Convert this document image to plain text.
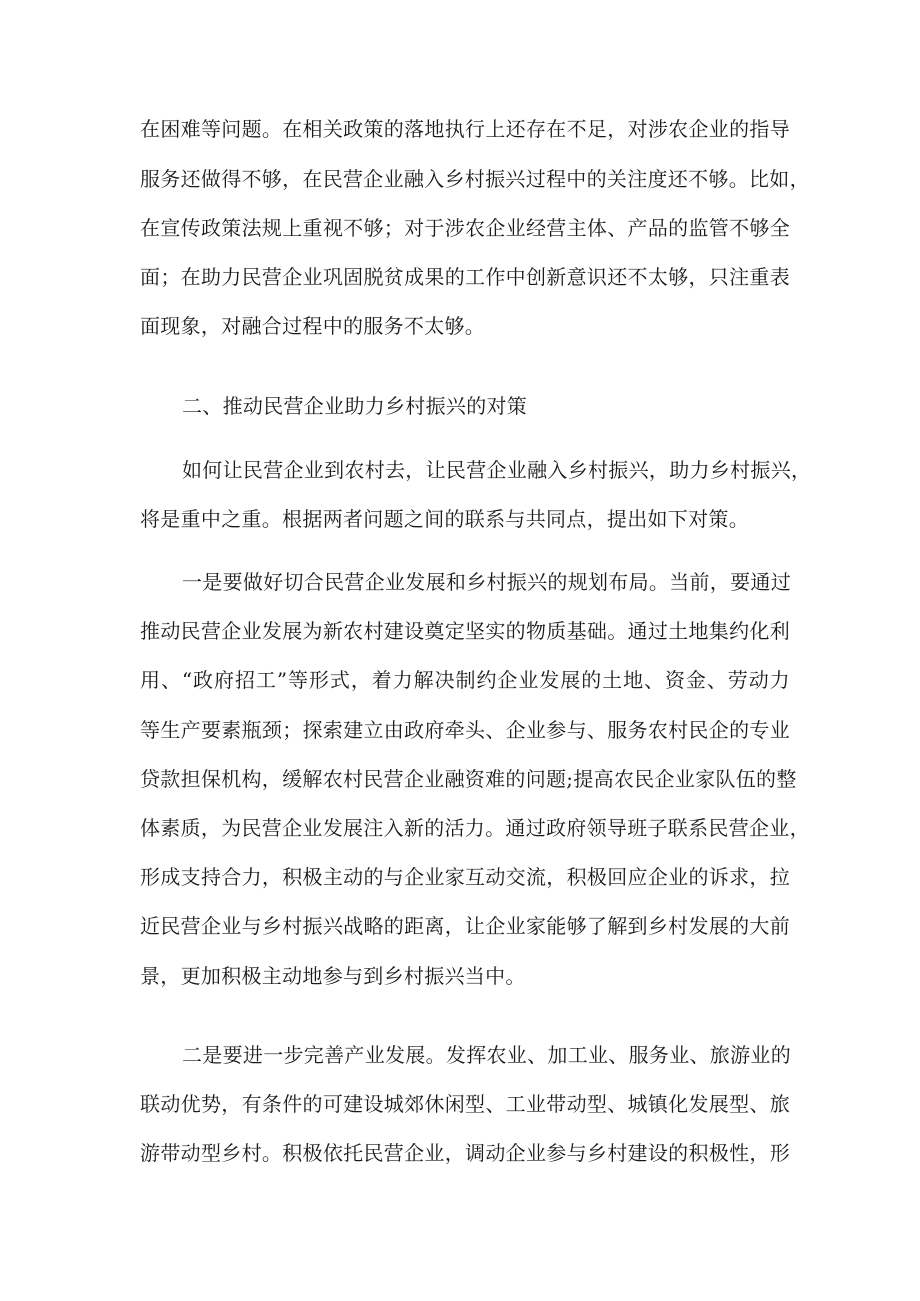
在困难等问题。在相关政策的落地执行上还存在不足，对涉农企业的指导
服务还做得不够，在民营企业融入乡村振兴过程中的关注度还不够。比如，
在宣传政策法规上重视不够；对于涉农企业经营主体、产品的监管不够全
面；在助力民营企业巩固脱贫成果的工作中创新意识还不太够，只注重表
面现象，对融合过程中的服务不太够。
二、推动民营企业助力乡村振兴的对策
如何让民营企业到农村去，让民营企业融入乡村振兴，助力乡村振兴，
将是重中之重。根据两者问题之间的联系与共同点，提出如下对策。
一是要做好切合民营企业发展和乡村振兴的规划布局。当前，要通过
推动民营企业发展为新农村建设奠定坚实的物质基础。通过土地集约化利
用、“政府招工”等形式，着力解决制约企业发展的土地、资金、劳动力
等生产要素瓶颈；探索建立由政府牵头、企业参与、服务农村民企的专业
贷款担保机构，缓解农村民营企业融资难的问题;提高农民企业家队伍的整
体素质，为民营企业发展注入新的活力。通过政府领导班子联系民营企业，
形成支持合力，积极主动的与企业家互动交流，积极回应企业的诉求，拉
近民营企业与乡村振兴战略的距离，让企业家能够了解到乡村发展的大前
景，更加积极主动地参与到乡村振兴当中。
二是要进一步完善产业发展。发挥农业、加工业、服务业、旅游业的
联动优势，有条件的可建设城郊休闲型、工业带动型、城镇化发展型、旅
游带动型乡村。积极依托民营企业，调动企业参与乡村建设的积极性，形
